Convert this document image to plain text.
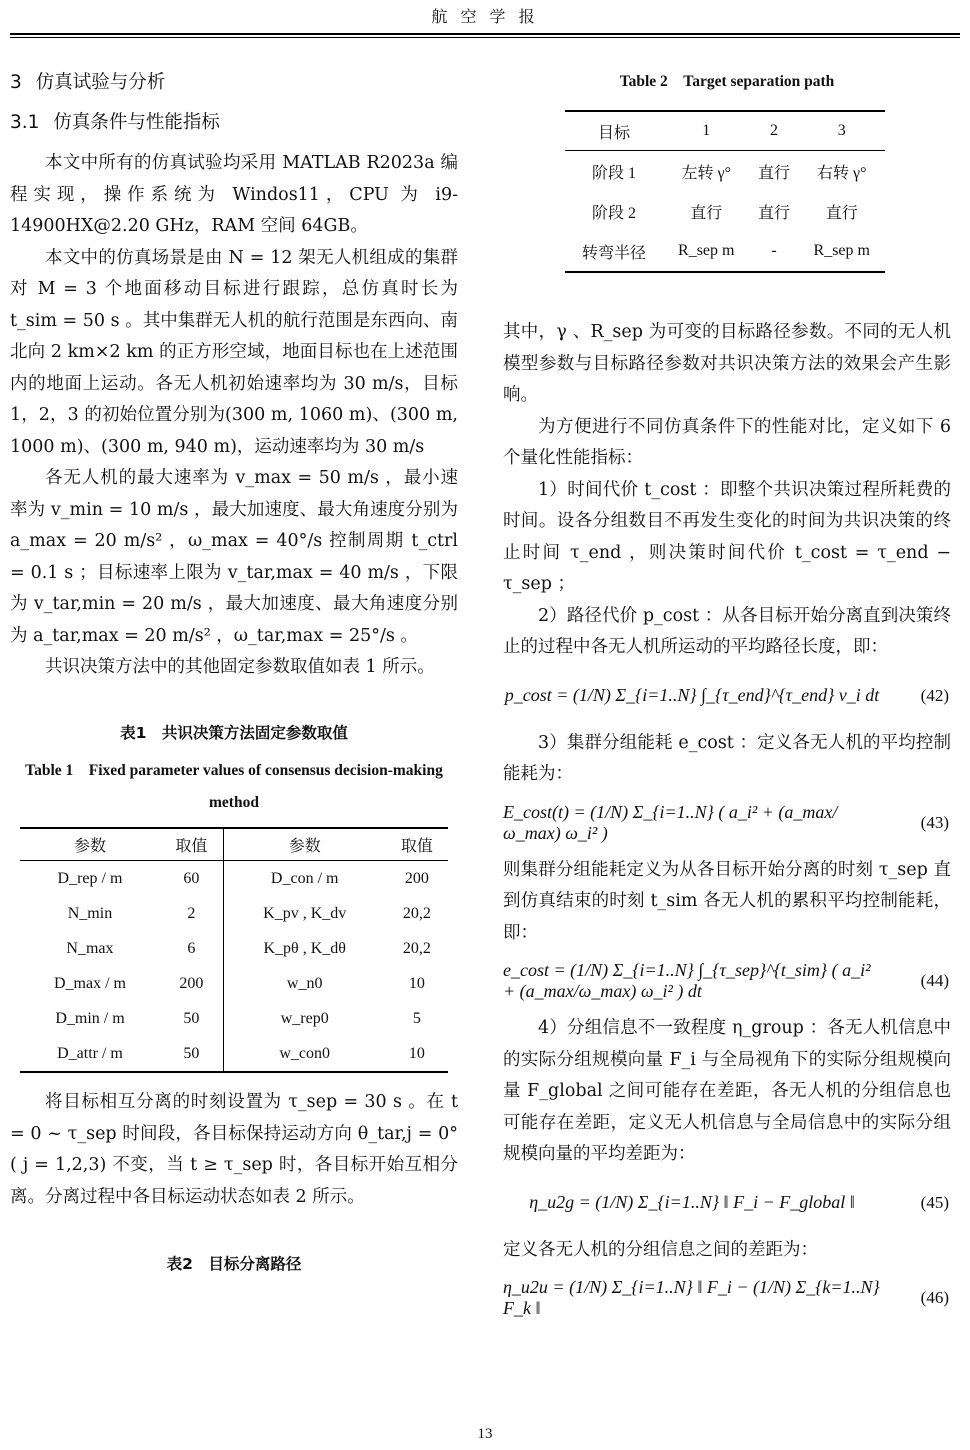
航 空 学 报
3 仿真试验与分析
3.1 仿真条件与性能指标

本文中所有的仿真试验均采用 MATLAB R2023a 编程实现，操作系统为 Windos11，CPU 为 i9-14900HX@2.20 GHz，RAM 空间 64GB。

本文中的仿真场景是由 N = 12 架无人机组成的集群对 M = 3 个地面移动目标进行跟踪，总仿真时长为 t_sim = 50 s 。其中集群无人机的航行范围是东西向、南北向 2 km×2 km 的正方形空域，地面目标也在上述范围内的地面上运动。各无人机初始速率均为 30 m/s，目标 1，2，3 的初始位置分别为(300 m, 1060 m)、(300 m, 1000 m)、(300 m, 940 m)，运动速率均为 30 m/s

各无人机的最大速率为 v_max = 50 m/s ，最小速率为 v_min = 10 m/s ，最大加速度、最大角速度分别为 a_max = 20 m/s² ，ω_max = 40°/s 控制周期 t_ctrl = 0.1 s ；目标速率上限为 v_tar,max = 40 m/s ，下限为 v_tar,min = 20 m/s ，最大加速度、最大角速度分别为 a_tar,max = 20 m/s² ，ω_tar,max = 25°/s 。

共识决策方法中的其他固定参数取值如表 1 所示。

表1　共识决策方法固定参数取值

Table 1　Fixed parameter values of consensus decision-making method

参数	取值	参数	取值
D_rep / m	60	D_con / m	200
N_min	2	K_pv , K_dv	20,2
N_max	6	K_pθ , K_dθ	20,2
D_max / m	200	w_n0	10
D_min / m	50	w_rep0	5
D_attr / m	50	w_con0	10

将目标相互分离的时刻设置为 τ_sep = 30 s 。在 t = 0 ~ τ_sep 时间段，各目标保持运动方向 θ_tar,j = 0° ( j = 1,2,3) 不变，当 t ≥ τ_sep 时，各目标开始互相分离。分离过程中各目标运动状态如表 2 所示。

表2　目标分离路径

Table 2　Target separation path

目标	1	2	3
阶段 1	左转 γ°	直行	右转 γ°
阶段 2	直行	直行	直行
转弯半径	R_sep m	-	R_sep m

其中，γ 、R_sep 为可变的目标路径参数。不同的无人机模型参数与目标路径参数对共识决策方法的效果会产生影响。

为方便进行不同仿真条件下的性能对比，定义如下 6 个量化性能指标：

1）时间代价 t_cost ：即整个共识决策过程所耗费的时间。设各分组数目不再发生变化的时间为共识决策的终止时间 τ_end ，则决策时间代价 t_cost = τ_end − τ_sep ；

2）路径代价 p_cost ：从各目标开始分离直到决策终止的过程中各无人机所运动的平均路径长度，即：

p_cost = (1/N) Σ_{i=1..N} ∫_{τ_end}^{τ_end} v_i dt (42)

3）集群分组能耗 e_cost ：定义各无人机的平均控制能耗为：

E_cost(t) = (1/N) Σ_{i=1..N} ( a_i² + (a_max/ω_max) ω_i² )
(43)

则集群分组能耗定义为从各目标开始分离的时刻 τ_sep 直到仿真结束的时刻 t_sim 各无人机的累积平均控制能耗，即：

e_cost = (1/N) Σ_{i=1..N} ∫_{τ_sep}^{t_sim} ( a_i² + (a_max/ω_max) ω_i² ) dt
(44)

4）分组信息不一致程度 η_group ：各无人机信息中的实际分组规模向量 F_i 与全局视角下的实际分组规模向量 F_global 之间可能存在差距，各无人机的分组信息也可能存在差距，定义无人机信息与全局信息中的实际分组规模向量的平均差距为：

η_u2g = (1/N) Σ_{i=1..N} ‖ F_i − F_global ‖	(45)

定义各无人机的分组信息之间的差距为：

η_u2u = (1/N) Σ_{i=1..N} ‖ F_i − (1/N) Σ_{k=1..N} F_k ‖
(46)
13
